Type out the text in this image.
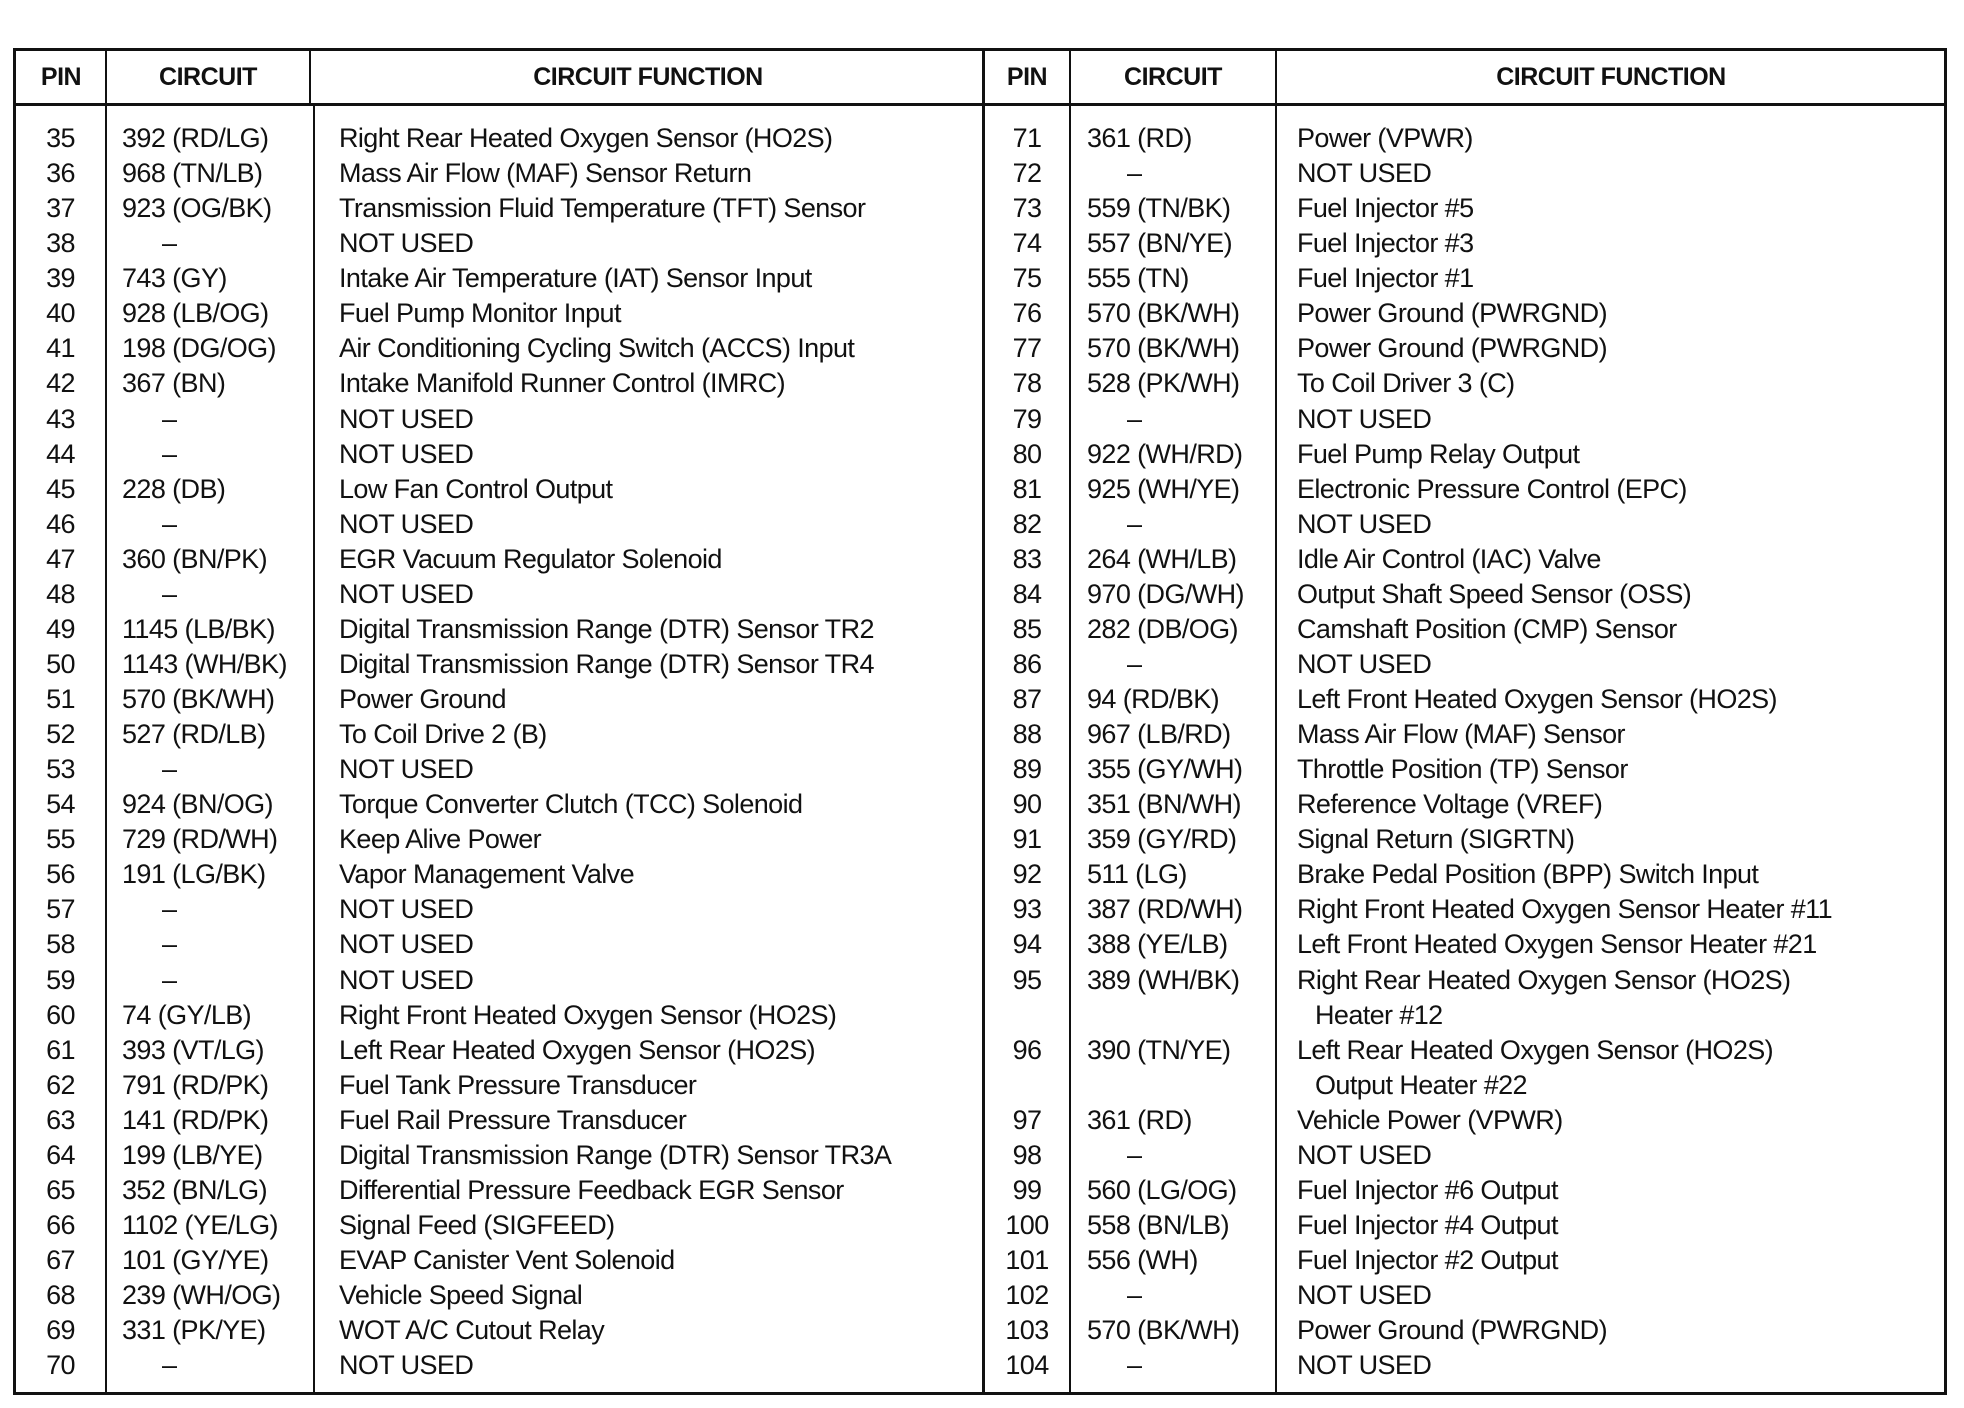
PIN	CIRCUIT	CIRCUIT FUNCTION
35	392 (RD/LG)	Right Rear Heated Oxygen Sensor (HO2S)
36	968 (TN/LB)	Mass Air Flow (MAF) Sensor Return
37	923 (OG/BK)	Transmission Fluid Temperature (TFT) Sensor
38	–	NOT USED
39	743 (GY)	Intake Air Temperature (IAT) Sensor Input
40	928 (LB/OG)	Fuel Pump Monitor Input
41	198 (DG/OG) Air Conditioning Cycling Switch (ACCS) Input
42	367 (BN)	Intake Manifold Runner Control (IMRC)
43	–	NOT USED
44	–	NOT USED
45	228 (DB)	Low Fan Control Output
46	–	NOT USED
47	360 (BN/PK)	EGR Vacuum Regulator Solenoid
48	–	NOT USED
49	1145 (LB/BK) Digital Transmission Range (DTR) Sensor TR2
50	1143 (WH/BK) Digital Transmission Range (DTR) Sensor TR4
51	570 (BK/WH) Power Ground
52	527 (RD/LB)	To Coil Drive 2 (B)
53	–	NOT USED
54	924 (BN/OG) Torque Converter Clutch (TCC) Solenoid
55	729 (RD/WH) Keep Alive Power
56	191 (LG/BK)	Vapor Management Valve
57	–	NOT USED
58	–	NOT USED
59	–	NOT USED
60	74 (GY/LB)	Right Front Heated Oxygen Sensor (HO2S)
61	393 (VT/LG)	Left Rear Heated Oxygen Sensor (HO2S)
62	791 (RD/PK)	Fuel Tank Pressure Transducer
63	141 (RD/PK)	Fuel Rail Pressure Transducer
64	199 (LB/YE)	Digital Transmission Range (DTR) Sensor TR3A
65	352 (BN/LG)	Differential Pressure Feedback EGR Sensor
66	1102 (YE/LG) Signal Feed (SIGFEED)
67	101 (GY/YE)	EVAP Canister Vent Solenoid
68	239 (WH/OG) Vehicle Speed Signal
69	331 (PK/YE)	WOT A/C Cutout Relay
70	–	NOT USED
PIN	CIRCUIT	CIRCUIT FUNCTION
71	361 (RD)	Power (VPWR)
72	–	NOT USED
73	559 (TN/BK) Fuel Injector #5
74	557 (BN/YE) Fuel Injector #3
75	555 (TN)	Fuel Injector #1
76	570 (BK/WH) Power Ground (PWRGND)
77	570 (BK/WH) Power Ground (PWRGND)
78	528 (PK/WH) To Coil Driver 3 (C)
79	–	NOT USED
80	922 (WH/RD) Fuel Pump Relay Output
81	925 (WH/YE) Electronic Pressure Control (EPC)
82	–	NOT USED
83	264 (WH/LB) Idle Air Control (IAC) Valve
84	970 (DG/WH) Output Shaft Speed Sensor (OSS)
85	282 (DB/OG) Camshaft Position (CMP) Sensor
86	–	NOT USED
87	94 (RD/BK)	Left Front Heated Oxygen Sensor (HO2S)
88	967 (LB/RD) Mass Air Flow (MAF) Sensor
89	355 (GY/WH) Throttle Position (TP) Sensor
90	351 (BN/WH) Reference Voltage (VREF)
91	359 (GY/RD) Signal Return (SIGRTN)
92	511 (LG)	Brake Pedal Position (BPP) Switch Input
93	387 (RD/WH) Right Front Heated Oxygen Sensor Heater #11
94	388 (YE/LB)	Left Front Heated Oxygen Sensor Heater #21
95	389 (WH/BK) Right Rear Heated Oxygen Sensor (HO2S)
Heater #12
96	390 (TN/YE) Left Rear Heated Oxygen Sensor (HO2S)
Output Heater #22
97	361 (RD)	Vehicle Power (VPWR)
98	–	NOT USED
99	560 (LG/OG) Fuel Injector #6 Output
100	558 (BN/LB)	Fuel Injector #4 Output
101	556 (WH)	Fuel Injector #2 Output
102	–	NOT USED
103	570 (BK/WH) Power Ground (PWRGND)
104	–	NOT USED
